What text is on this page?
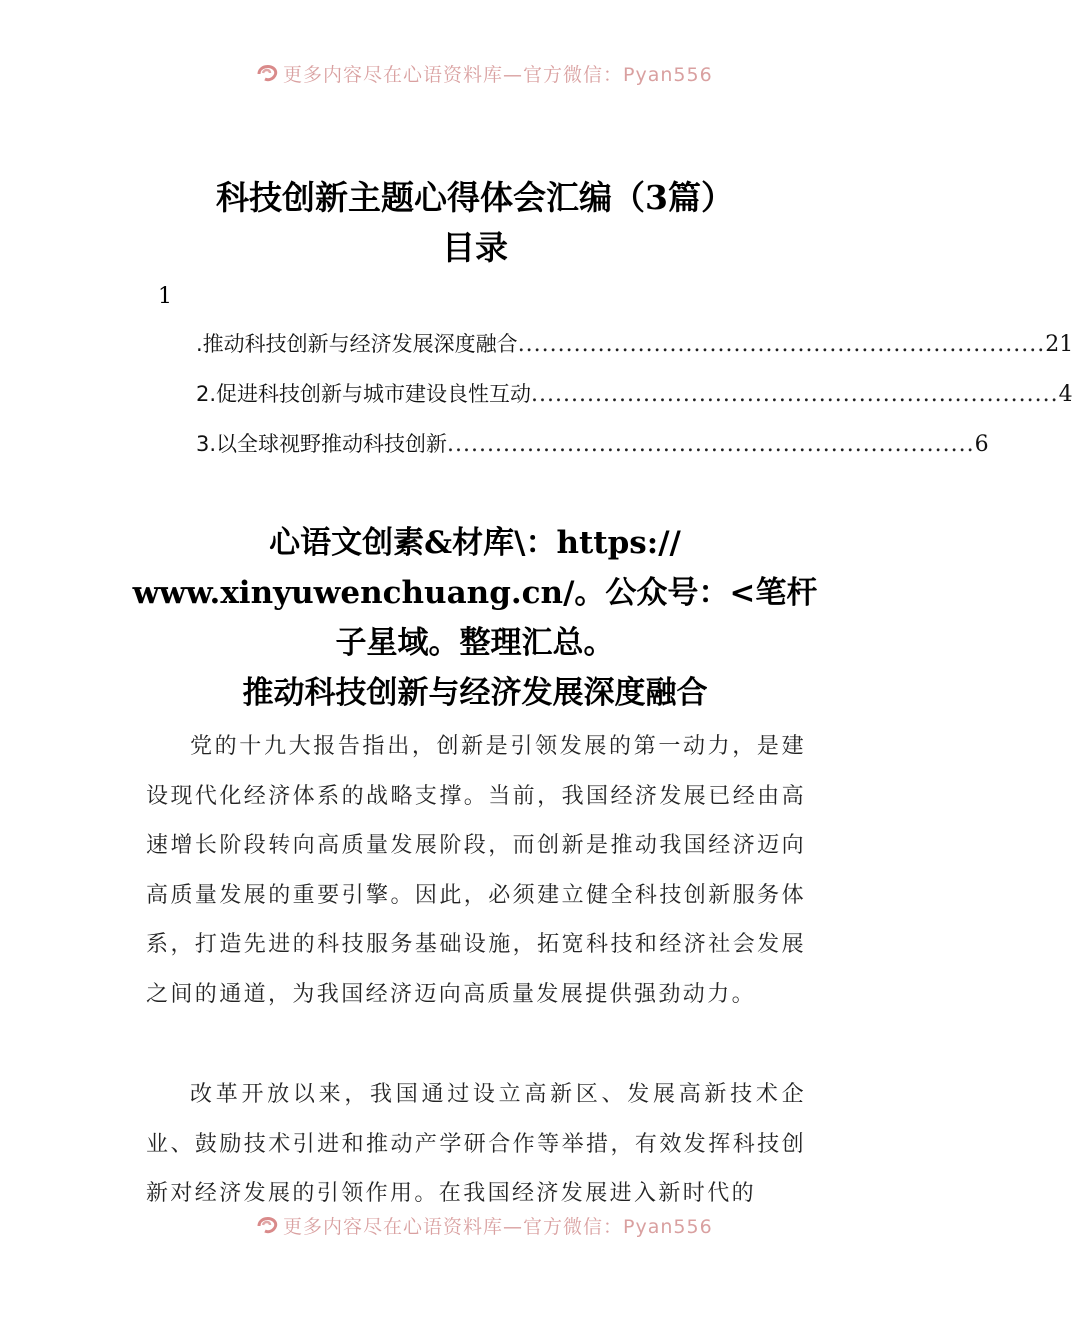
更多内容尽在心语资料库—官方微信：Pyan556
科技创新主题心得体会汇编（3篇）
目录
1
.推动科技创新与经济发展深度融合 .................................................................. 21
2.促进科技创新与城市建设良性互动 .................................................................. 4
3.以全球视野推动科技创新 .................................................................. 6
心语文创素&材库\：https:// www.xinyuwenchuang.cn/。公众号：<笔杆子星域。整理汇总。
推动科技创新与经济发展深度融合

党的十九大报告指出，创新是引领发展的第一动力，是建设现代化经济体系的战略支撑。当前，我国经济发展已经由高速增长阶段转向高质量发展阶段，而创新是推动我国经济迈向高质量发展的重要引擎。因此，必须建立健全科技创新服务体系，打造先进的科技服务基础设施，拓宽科技和经济社会发展之间的通道，为我国经济迈向高质量发展提供强劲动力。

改革开放以来，我国通过设立高新区、发展高新技术企业、鼓励技术引进和推动产学研合作等举措，有效发挥科技创新对经济发展的引领作用。在我国经济发展进入新时代的

更多内容尽在心语资料库—官方微信：Pyan556
